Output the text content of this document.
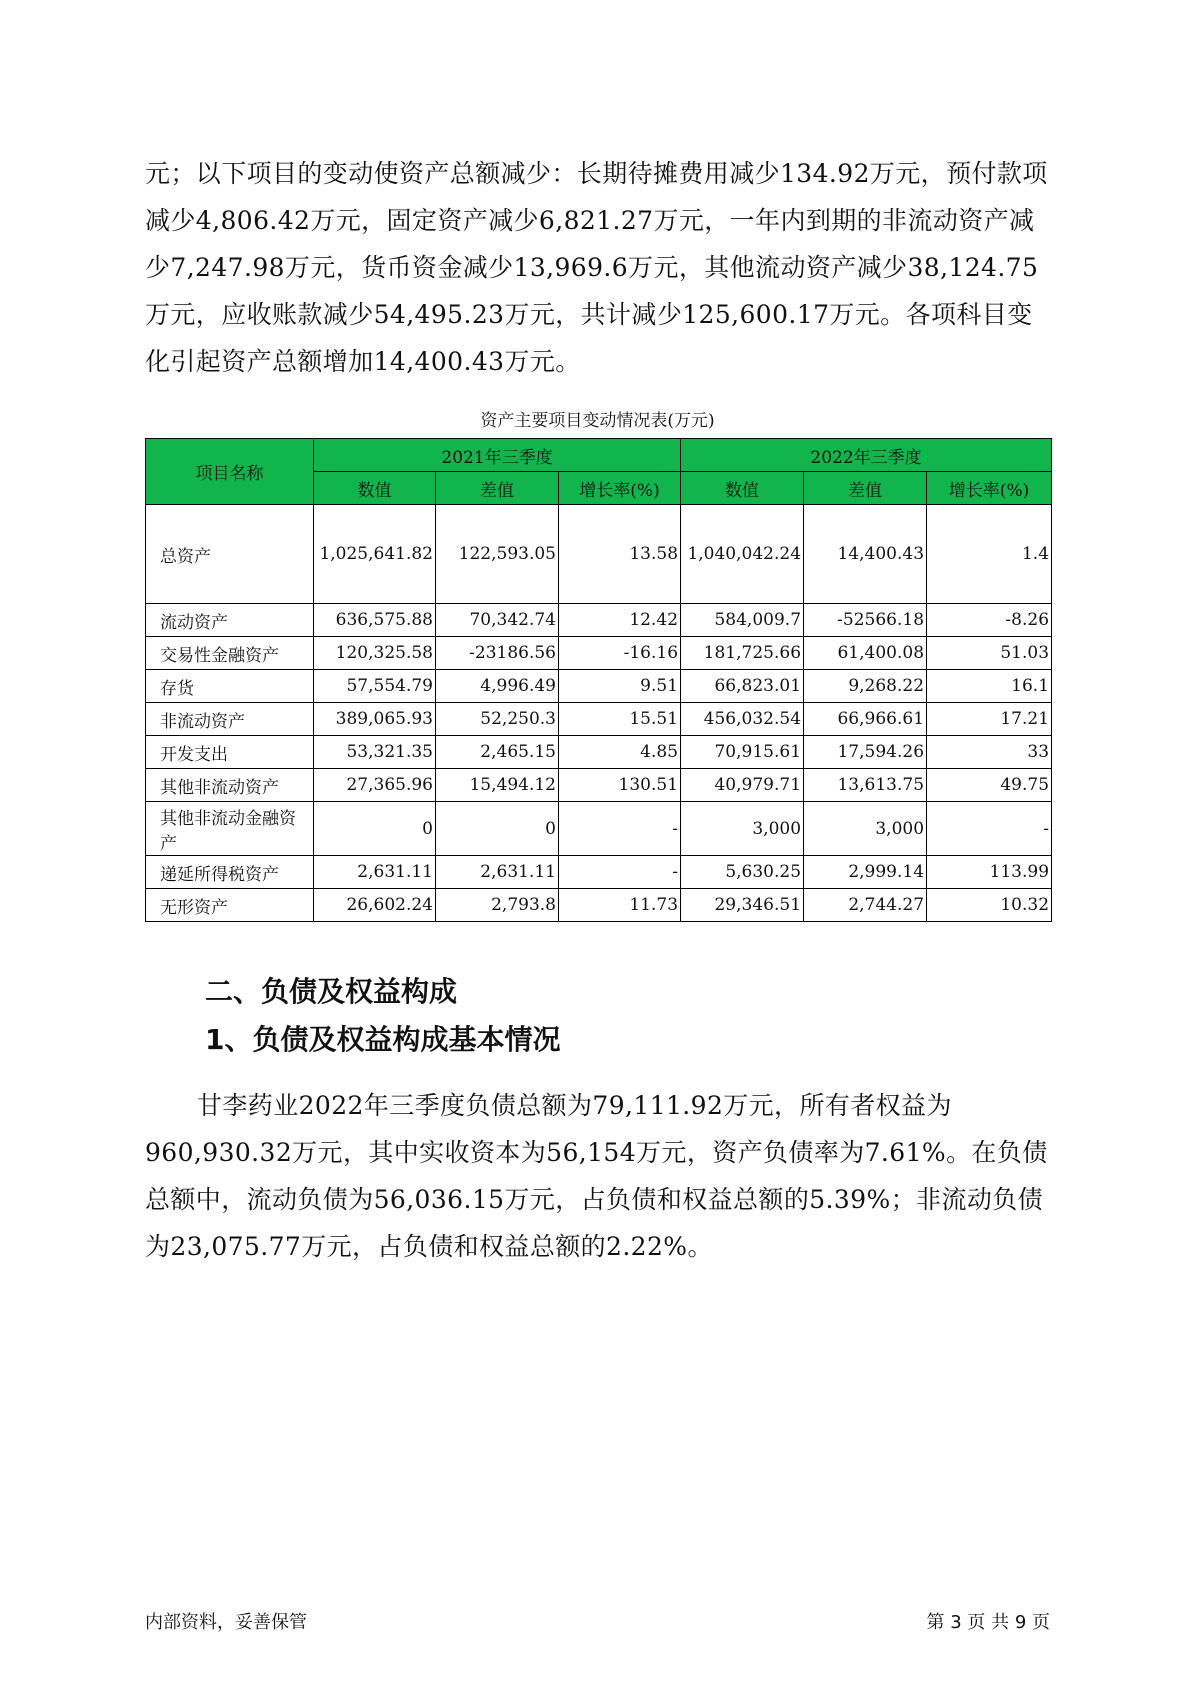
元；以下项目的变动使资产总额减少：长期待摊费用减少134.92万元，预付款项减少4,806.42万元，固定资产减少6,821.27万元，一年内到期的非流动资产减少7,247.98万元，货币资金减少13,969.6万元，其他流动资产减少38,124.75万元，应收账款减少54,495.23万元，共计减少125,600.17万元。各项科目变化引起资产总额增加14,400.43万元。

资产主要项目变动情况表(万元)
项目名称	2021年三季度			2022年三季度		
	数值	差值	增长率(%)	数值	差值	增长率(%)
总资产	1,025,641.82	122,593.05	13.58	1,040,042.24	14,400.43	1.4
流动资产	636,575.88	70,342.74	12.42	584,009.7	-52566.18	-8.26
交易性金融资产	120,325.58	-23186.56	-16.16	181,725.66	61,400.08	51.03
存货	57,554.79	4,996.49	9.51	66,823.01	9,268.22	16.1
非流动资产	389,065.93	52,250.3	15.51	456,032.54	66,966.61	17.21
开发支出	53,321.35	2,465.15	4.85	70,915.61	17,594.26	33
其他非流动资产	27,365.96	15,494.12	130.51	40,979.71	13,613.75	49.75
其他非流动金融资产	0	0	-	3,000	3,000	-
递延所得税资产	2,631.11	2,631.11	-	5,630.25	2,999.14	113.99
无形资产	26,602.24	2,793.8	11.73	29,346.51	2,744.27	10.32
二、负债及权益构成
1、负债及权益构成基本情况

甘李药业2022年三季度负债总额为79,111.92万元，所有者权益为960,930.32万元，其中实收资本为56,154万元，资产负债率为7.61%。在负债总额中，流动负债为56,036.15万元，占负债和权益总额的5.39%；非流动负债为23,075.77万元，占负债和权益总额的2.22%。

内部资料，妥善保管	第 3 页 共 9 页
